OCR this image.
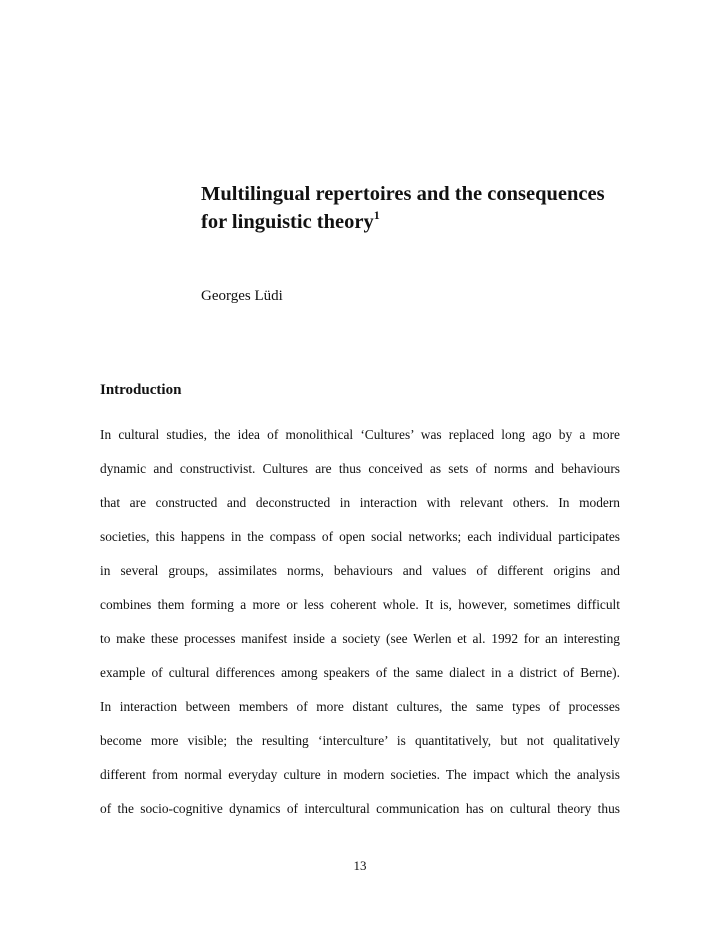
Multilingual repertoires and the consequences
for linguistic theory$^1$

Georges Lüdi

Introduction
In cultural studies, the idea of monolithical ‘Cultures’ was replaced long ago by a more
dynamic and constructivist. Cultures are thus conceived as sets of norms and behaviours
that are constructed and deconstructed in interaction with relevant others. In modern
societies, this happens in the compass of open social networks; each individual participates
in several groups, assimilates norms, behaviours and values of different origins and
combines them forming a more or less coherent whole. It is, however, sometimes difficult
to make these processes manifest inside a society (see Werlen et al. 1992 for an interesting
example of cultural differences among speakers of the same dialect in a district of Berne).
In interaction between members of more distant cultures, the same types of processes
become more visible; the resulting ‘interculture’ is quantitatively, but not qualitatively
different from normal everyday culture in modern societies. The impact which the analysis
of the socio-cognitive dynamics of intercultural communication has on cultural theory thus

13
